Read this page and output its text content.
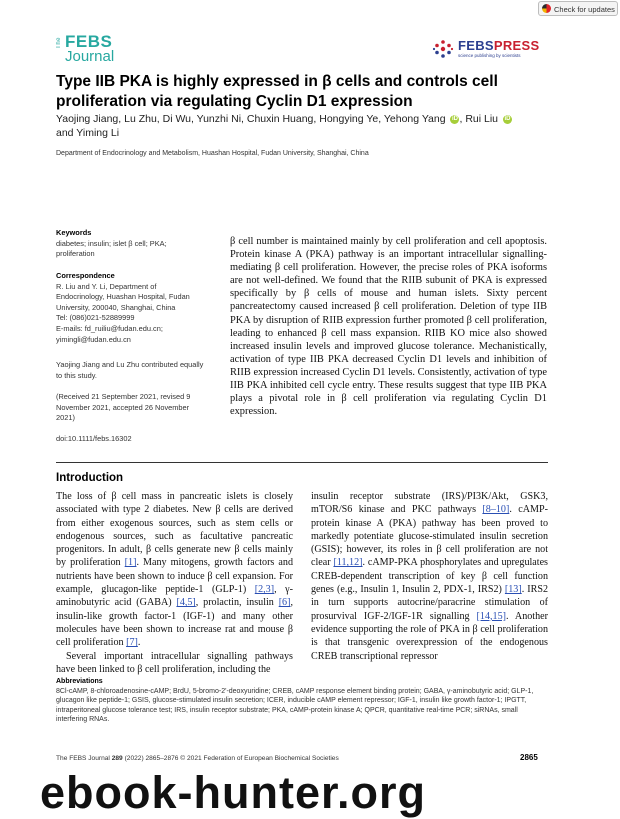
Check for updates
The FEBS
Journal
FEBSPRESS
science publishing by scientists
Type IIB PKA is highly expressed in β cells and controls cell proliferation via regulating Cyclin D1 expression
Yaojing Jiang, Lu Zhu, Di Wu, Yunzhi Ni, Chuxin Huang, Hongying Ye, Yehong Yang iD , Rui Liu iD
and Yiming Li
Department of Endocrinology and Metabolism, Huashan Hospital, Fudan University, Shanghai, China
Keywords
diabetes; insulin; islet β cell; PKA; proliferation
Correspondence
R. Liu and Y. Li, Department of Endocrinology, Huashan Hospital, Fudan University, 200040, Shanghai, China
Tel: (086)021-52889999
E-mails: fd_ruiliu@fudan.edu.cn; yimingli@fudan.edu.cn
Yaojing Jiang and Lu Zhu contributed equally to this study.
(Received 21 September 2021, revised 9 November 2021, accepted 26 November 2021)
doi:10.1111/febs.16302
β cell number is maintained mainly by cell proliferation and cell apoptosis. Protein kinase A (PKA) pathway is an important intracellular signalling-mediating β cell proliferation. However, the precise roles of PKA isoforms are not well-defined. We found that the RIIB subunit of PKA is expressed specifically by β cells of mouse and human islets. Sixty percent pancreatectomy caused increased β cell proliferation. Deletion of type IIB PKA by disruption of RIIB expression further promoted β cell proliferation, leading to enhanced β cell mass expansion. RIIB KO mice also showed increased insulin levels and improved glucose tolerance. Mechanistically, activation of type IIB PKA decreased Cyclin D1 levels and inhibition of RIIB expression increased Cyclin D1 levels. Consistently, activation of type IIB PKA inhibited cell cycle entry. These results suggest that type IIB PKA plays a pivotal role in β cell proliferation via regulating Cyclin D1 expression.
Introduction

The loss of β cell mass in pancreatic islets is closely associated with type 2 diabetes. New β cells are derived from either exogenous sources, such as stem cells or endogenous sources, such as facultative pancreatic progenitors. In adult, β cells generate new β cells mainly by proliferation [1]. Many mitogens, growth factors and nutrients have been shown to induce β cell expansion. For example, glucagon-like peptide-1 (GLP-1) [2,3], γ-aminobutyric acid (GABA) [4,5], prolactin, insulin [6], insulin-like growth factor-1 (IGF-1) and many other molecules have been shown to increase rat and mouse β cell proliferation [7].

Several important intracellular signalling pathways have been linked to β cell proliferation, including the

insulin receptor substrate (IRS)/PI3K/Akt, GSK3, mTOR/S6 kinase and PKC pathways [8–10]. cAMP-protein kinase A (PKA) pathway has been proved to markedly potentiate glucose-stimulated insulin secretion (GSIS); however, its roles in β cell proliferation are not clear [11,12]. cAMP-PKA phosphorylates and upregulates CREB-dependent transcription of key β cell function genes (e.g., Insulin 1, Insulin 2, PDX-1, IRS2) [13]. IRS2 in turn supports autocrine/paracrine stimulation of prosurvival IGF-2/IGF-1R signalling [14,15]. Another evidence supporting the role of PKA in β cell proliferation is that transgenic overexpression of the endogenous CREB transcriptional repressor

Abbreviations
8Cl-cAMP, 8-chloroadenosine-cAMP; BrdU, 5-bromo-2'-deoxyuridine; CREB, cAMP response element binding protein; GABA, γ-aminobutyric acid; GLP-1, glucagon like peptide-1; GSIS, glucose-stimulated insulin secretion; ICER, inducible cAMP element repressor; IGF-1, insulin like growth factor-1; IPGTT, intraperitoneal glucose tolerance test; IRS, insulin receptor substrate; PKA, cAMP-protein kinase A; QPCR, quantitative real-time PCR; siRNAs, small interfering RNAs.
The FEBS Journal 289 (2022) 2865–2876 © 2021 Federation of European Biochemical Societies	2865
ebook-hunter.org
